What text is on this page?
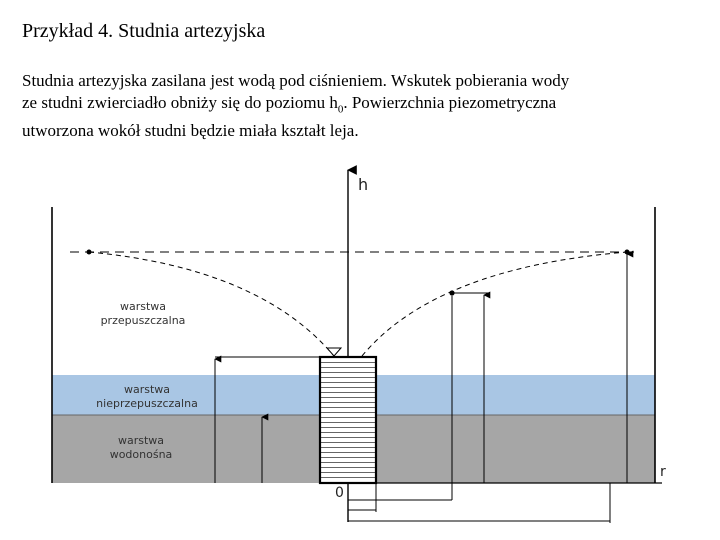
Przykład 4. Studnia artezyjska

Studnia artezyjska zasilana jest wodą pod ciśnieniem. Wskutek pobierania wody

ze studni zwierciadło obniży się do poziomu $h_0$. Powierzchnia piezometryczna

utworzona wokół studni będzie miała kształt leja.

h
r
0
warstwa
przepuszczalna
warstwa
nieprzepuszczalna
warstwa
wodonośna
